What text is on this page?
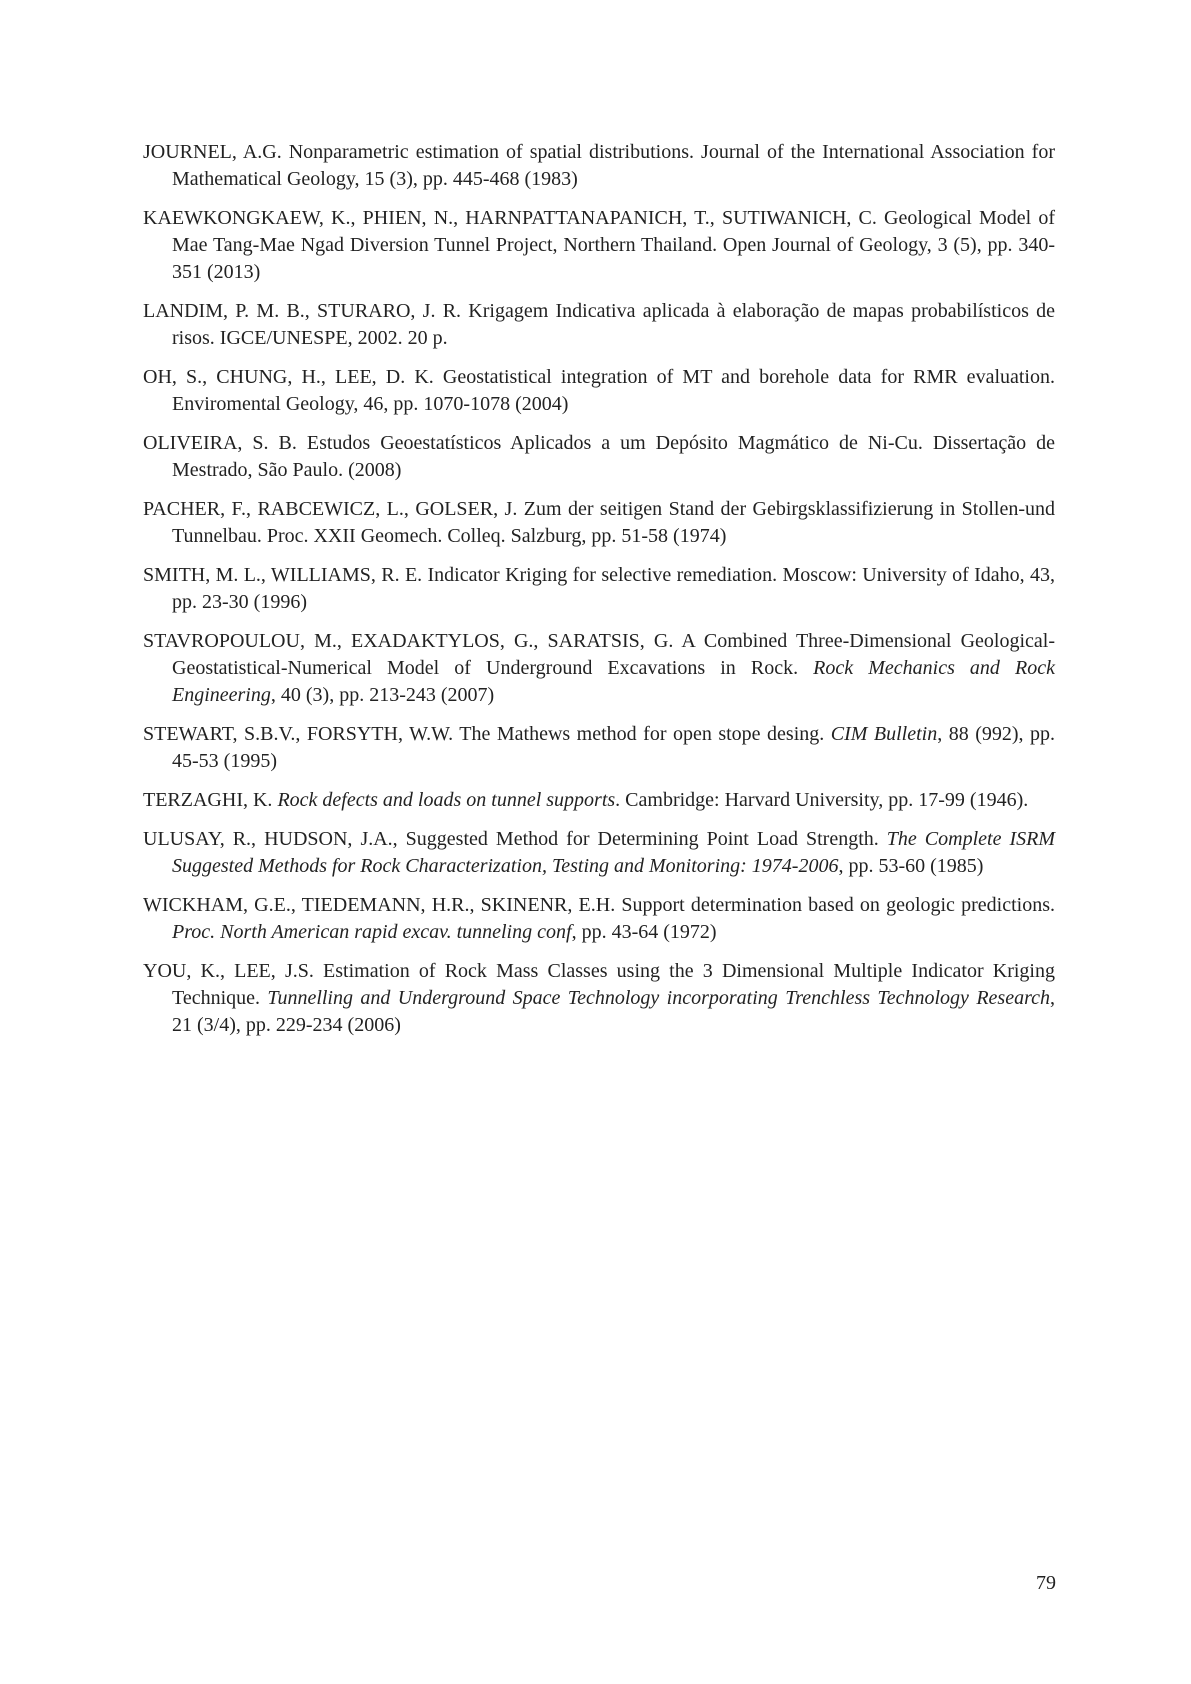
JOURNEL, A.G. Nonparametric estimation of spatial distributions. Journal of the International Association for Mathematical Geology, 15 (3), pp. 445-468 (1983)

KAEWKONGKAEW, K., PHIEN, N., HARNPATTANAPANICH, T., SUTIWANICH, C. Geological Model of Mae Tang-Mae Ngad Diversion Tunnel Project, Northern Thailand. Open Journal of Geology, 3 (5), pp. 340-351 (2013)

LANDIM, P. M. B., STURARO, J. R. Krigagem Indicativa aplicada à elaboração de mapas probabilísticos de risos. IGCE/UNESPE, 2002. 20 p.

OH, S., CHUNG, H., LEE, D. K. Geostatistical integration of MT and borehole data for RMR evaluation. Enviromental Geology, 46, pp. 1070-1078 (2004)

OLIVEIRA, S. B. Estudos Geoestatísticos Aplicados a um Depósito Magmático de Ni-Cu. Dissertação de Mestrado, São Paulo. (2008)

PACHER, F., RABCEWICZ, L., GOLSER, J. Zum der seitigen Stand der Gebirgsklassifizierung in Stollen-und Tunnelbau. Proc. XXII Geomech. Colleq. Salzburg, pp. 51-58 (1974)

SMITH, M. L., WILLIAMS, R. E. Indicator Kriging for selective remediation. Moscow: University of Idaho, 43, pp. 23-30 (1996)

STAVROPOULOU, M., EXADAKTYLOS, G., SARATSIS, G. A Combined Three-Dimensional Geological-Geostatistical-Numerical Model of Underground Excavations in Rock. Rock Mechanics and Rock Engineering, 40 (3), pp. 213-243 (2007)

STEWART, S.B.V., FORSYTH, W.W. The Mathews method for open stope desing. CIM Bulletin, 88 (992), pp. 45-53 (1995)

TERZAGHI, K. Rock defects and loads on tunnel supports. Cambridge: Harvard University, pp. 17-99 (1946).

ULUSAY, R., HUDSON, J.A., Suggested Method for Determining Point Load Strength. The Complete ISRM Suggested Methods for Rock Characterization, Testing and Monitoring: 1974-2006, pp. 53-60 (1985)

WICKHAM, G.E., TIEDEMANN, H.R., SKINENR, E.H. Support determination based on geologic predictions. Proc. North American rapid excav. tunneling conf, pp. 43-64 (1972)

YOU, K., LEE, J.S. Estimation of Rock Mass Classes using the 3 Dimensional Multiple Indicator Kriging Technique. Tunnelling and Underground Space Technology incorporating Trenchless Technology Research, 21 (3/4), pp. 229-234 (2006)

79
